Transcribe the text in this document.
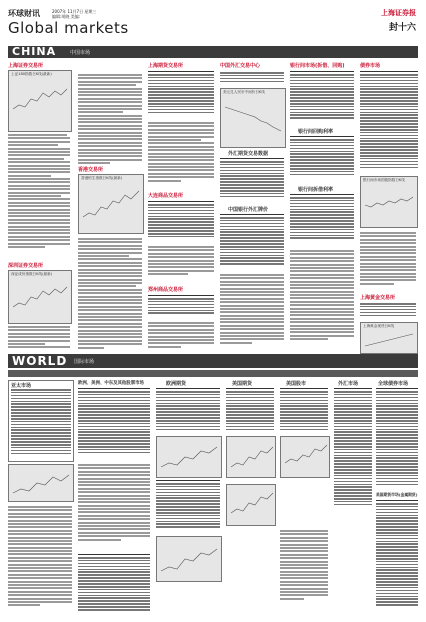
环球财讯	2007年 11月7日 星期三
编辑:胡晓 美编:
Global markets
上海证券报
封十六
CHINA	中国市场
上海证券交易所
上证180指数日K线(最新)
深圳证券交易所
深证成份指数日K线(最新)
香港交易所
香港恒生指数日K线(最新)
上海期货交易所
大连商品交易所
郑州商品交易所
中国外汇交易中心
美元兑人民币中间价日K线
外汇期货交易数据
中国银行外汇牌价
银行间市场(拆借、回购)
银行间回购利率
银行间拆借利率
债券市场
银行间市场国债指数日K线
上海黄金交易所
上海黄金现货日K线
WORLD 国际市场
亚太市场	欧洲、美洲、中东及其他股票市场	欧洲期货	美国期货	美国股市	外汇市场	全球债券市场
美国期货市场(金属期货)
